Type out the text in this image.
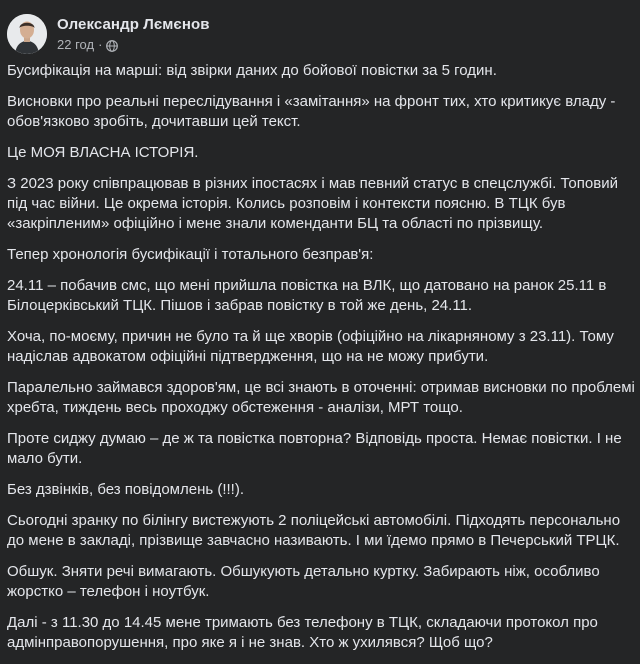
Олександр Лємєнов
22 год ·

Бусифікація на марші: від звірки даних до бойової повістки за 5 годин.

Висновки про реальні переслідування і «замітання» на фронт тих, хто критикує владу - обов'язково зробіть, дочитавши цей текст.

Це МОЯ ВЛАСНА ІСТОРІЯ.

З 2023 року співпрацював в різних іпостасях і мав певний статус в спецслужбі. Топовий під час війни. Це окрема історія. Колись розповім і контексти поясню. В ТЦК був «закріпленим» офіційно і мене знали коменданти БЦ та області по прізвищу.

Тепер хронологія бусифікації і тотального безправ'я:

24.11 – побачив смс, що мені прийшла повістка на ВЛК, що датовано на ранок 25.11 в Білоцерківський ТЦК. Пішов і забрав повістку в той же день, 24.11.

Хоча, по-моєму, причин не було та й ще хворів (офіційно на лікарняному з 23.11). Тому надіслав адвокатом офіційні підтвердження, що на не можу прибути.

Паралельно займався здоров'ям, це всі знають в оточенні: отримав висновки по проблемі хребта, тиждень весь проходжу обстеження - аналізи, МРТ тощо.

Проте сиджу думаю – де ж та повістка повторна? Відповідь проста. Немає повістки. І не мало бути.

Без дзвінків, без повідомлень (!!!).

Сьогодні зранку по білінгу вистежують 2 поліцейські автомобілі. Підходять персонально до мене в закладі, прізвище завчасно називають. І ми їдемо прямо в Печерський ТРЦК.

Обшук. Зняти речі вимагають. Обшукують детально куртку. Забирають ніж, особливо жорстко – телефон і ноутбук.

Далі - з 11.30 до 14.45 мене тримають без телефону в ТЦК, складаючи протокол про адмінправопорушення, про яке я і не знав. Хто ж ухилявся? Щоб що?
